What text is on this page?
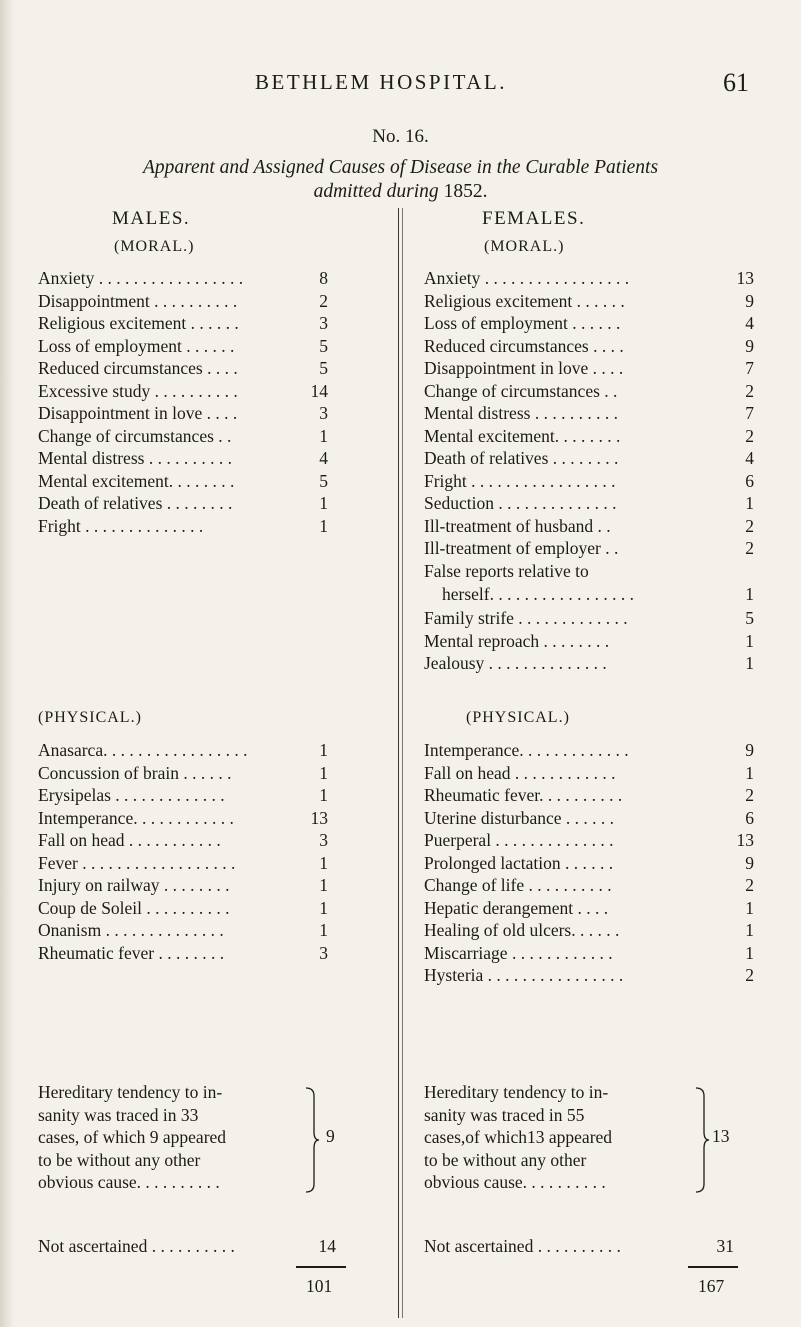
BETHLEM HOSPITAL.	61
No. 16.
Apparent and Assigned Causes of Disease in the Curable Patients
admitted during 1852.
MALES.
(MORAL.)
Anxiety . . . . . . . . . . . . . . . . .	8
Disappointment . . . . . . . . . .	2
Religious excitement . . . . . .	3
Loss of employment . . . . . .	5
Reduced circumstances . . . .	5
Excessive study . . . . . . . . . .	14
Disappointment in love . . . .	3
Change of circumstances . .	1
Mental distress . . . . . . . . . .	4
Mental excitement. . . . . . . .	5
Death of relatives . . . . . . . .	1
Fright . . . . . . . . . . . . . .	1
(PHYSICAL.)
Anasarca. . . . . . . . . . . . . . . . .	1
Concussion of brain . . . . . .	1
Erysipelas . . . . . . . . . . . . .	1
Intemperance. . . . . . . . . . . .	13
Fall on head . . . . . . . . . . .	3
Fever . . . . . . . . . . . . . . . . . .	1
Injury on railway . . . . . . . .	1
Coup de Soleil . . . . . . . . . .	1
Onanism . . . . . . . . . . . . . .	1
Rheumatic fever . . . . . . . .	3
Hereditary tendency to in-
sanity was traced in 33
cases, of which 9 appeared
to be without any other
obvious cause. . . . . . . . . .
9
Not ascertained . . . . . . . . . .	14
101
FEMALES.
(MORAL.)
Anxiety . . . . . . . . . . . . . . . . .	13
Religious excitement . . . . . .	9
Loss of employment . . . . . .	4
Reduced circumstances . . . .	9
Disappointment in love . . . .	7
Change of circumstances . .	2
Mental distress . . . . . . . . . .	7
Mental excitement. . . . . . . .	2
Death of relatives . . . . . . . .	4
Fright . . . . . . . . . . . . . . . . .	6
Seduction . . . . . . . . . . . . . .	1
Ill-treatment of husband . .	2
Ill-treatment of employer . .	2
False reports relative to
herself. . . . . . . . . . . . . . . . .	1
Family strife . . . . . . . . . . . . .	5
Mental reproach . . . . . . . .	1
Jealousy . . . . . . . . . . . . . .	1
(PHYSICAL.)
Intemperance. . . . . . . . . . . . .	9
Fall on head . . . . . . . . . . . .	1
Rheumatic fever. . . . . . . . . .	2
Uterine disturbance . . . . . .	6
Puerperal . . . . . . . . . . . . . .	13
Prolonged lactation . . . . . .	9
Change of life . . . . . . . . . .	2
Hepatic derangement . . . .	1
Healing of old ulcers. . . . . .	1
Miscarriage . . . . . . . . . . . .	1
Hysteria . . . . . . . . . . . . . . . .	2
Hereditary tendency to in-
sanity was traced in 55
cases,of which13 appeared
to be without any other
obvious cause. . . . . . . . . .
13
Not ascertained . . . . . . . . . .	31
167
